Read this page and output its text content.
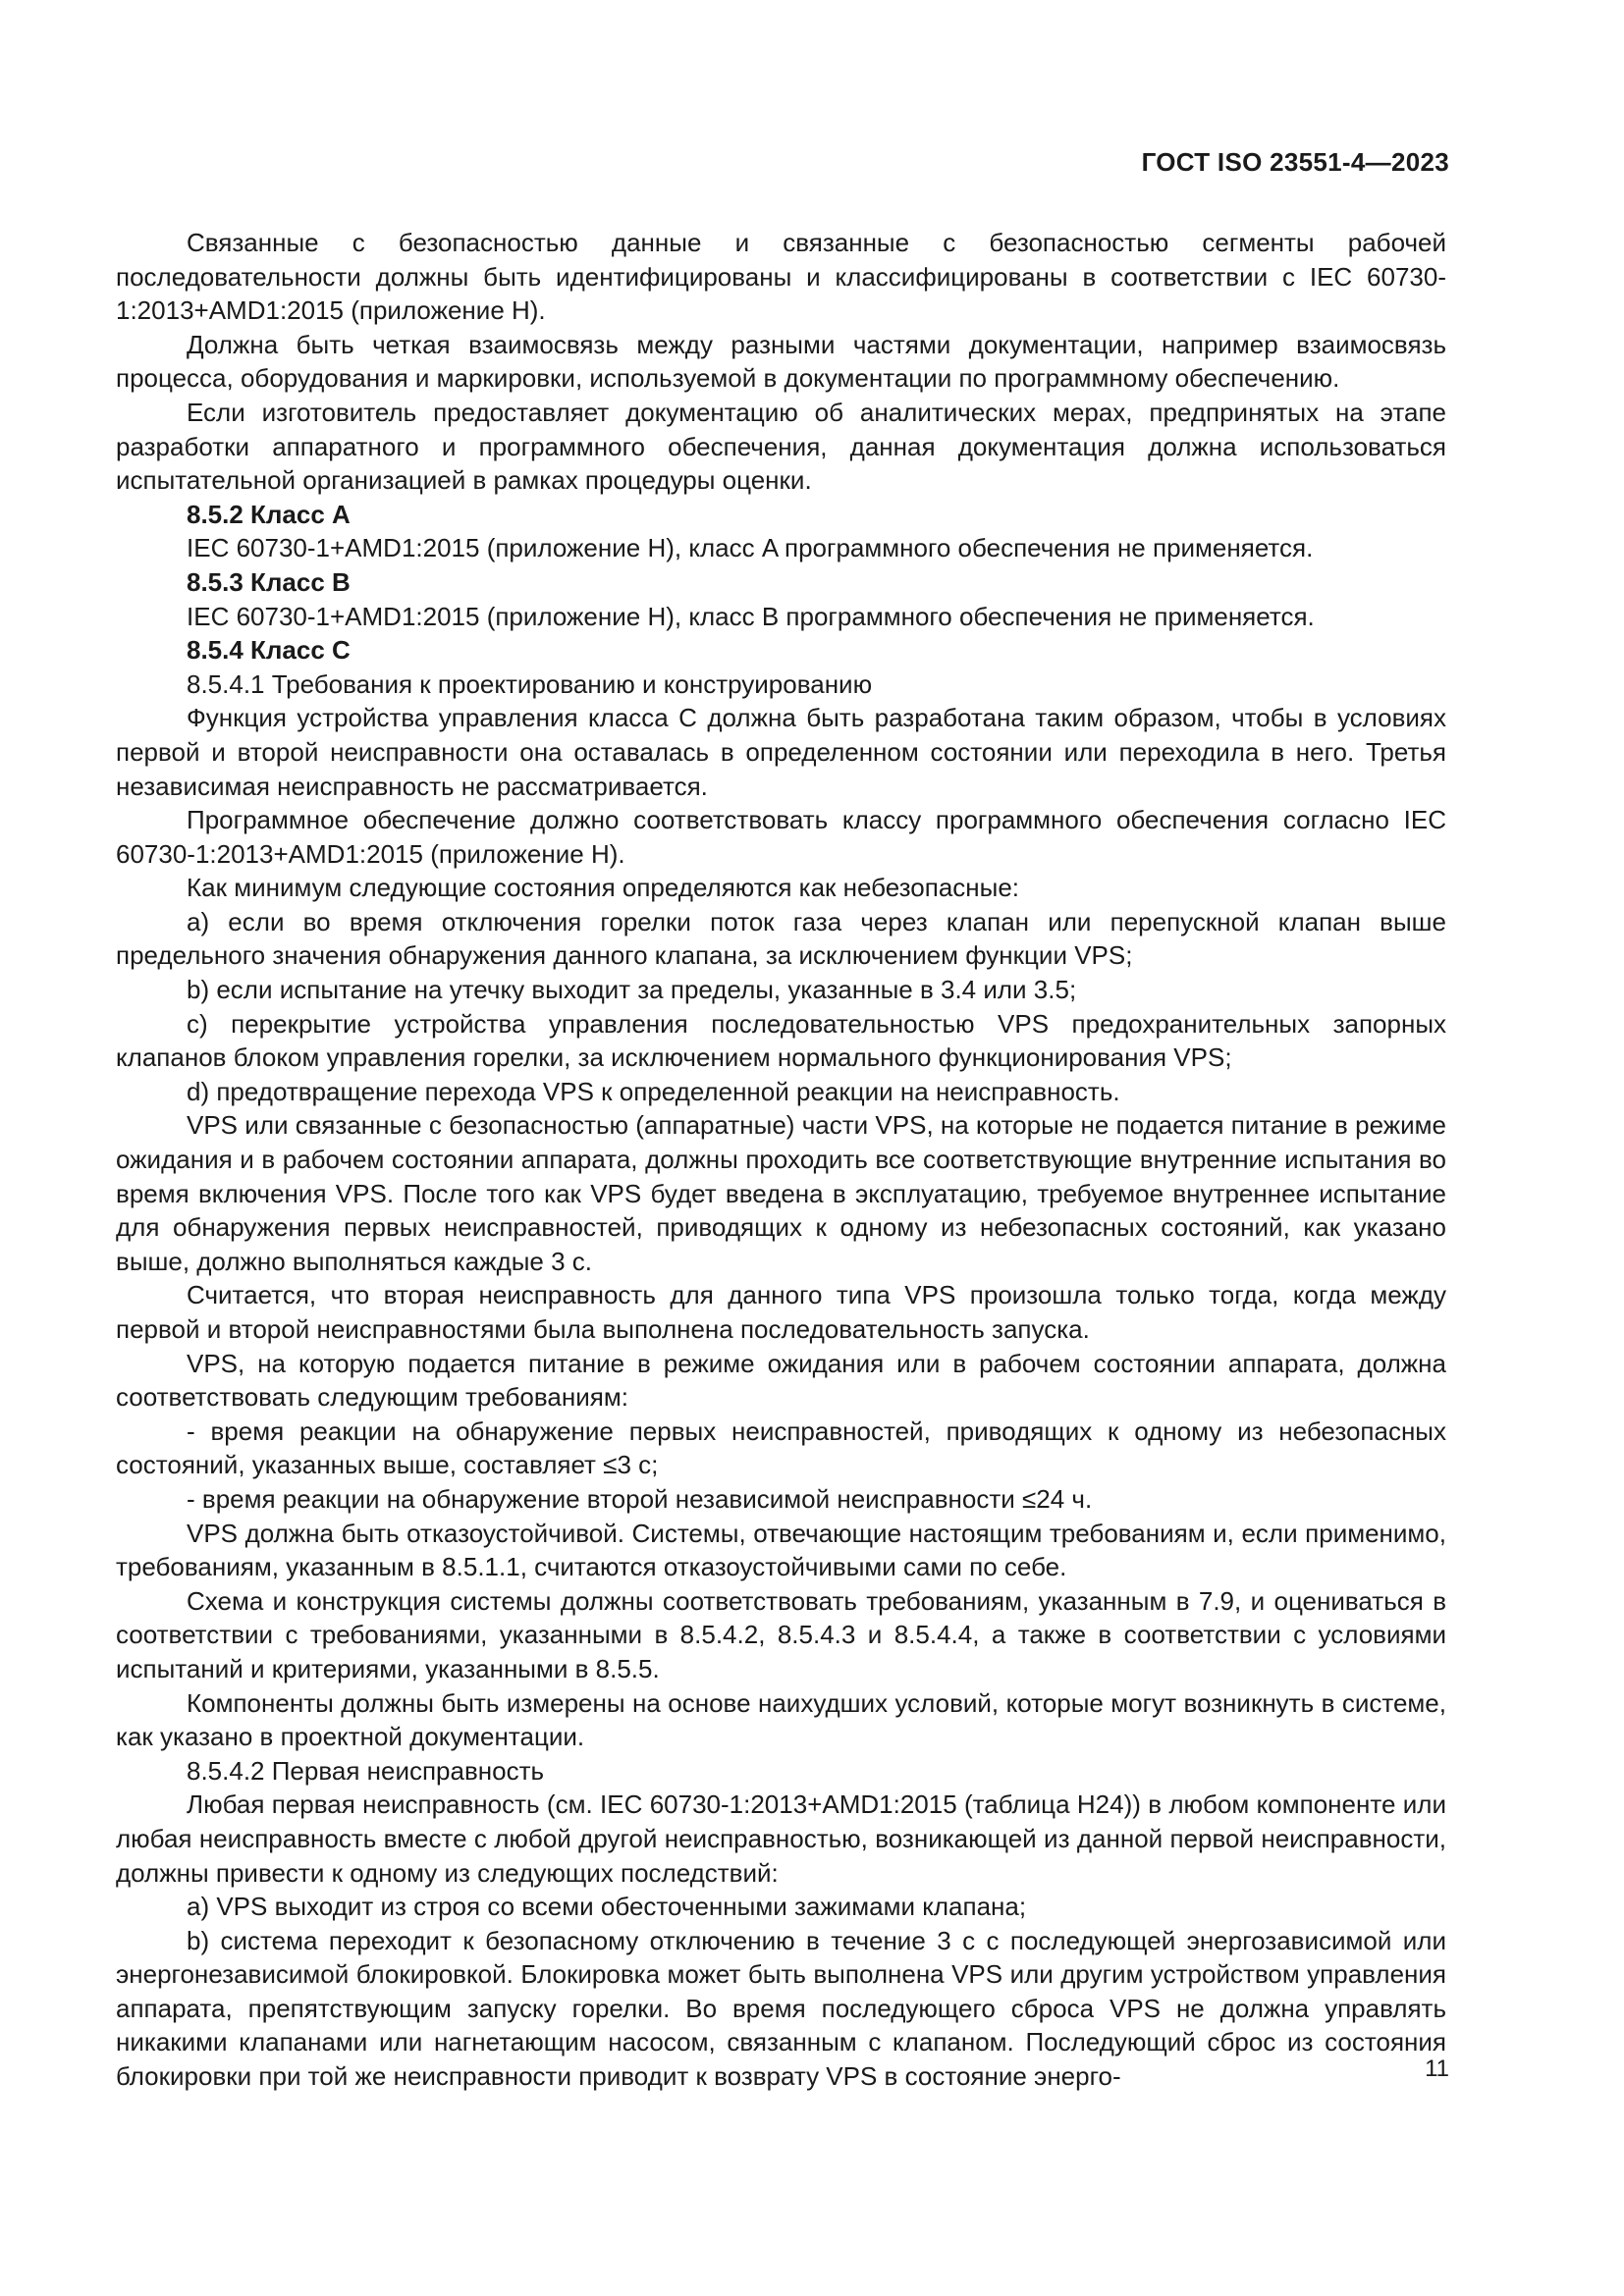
ГОСТ ISO 23551-4—2023

Связанные с безопасностью данные и связанные с безопасностью сегменты рабочей последовательности должны быть идентифицированы и классифицированы в соответствии с IEC 60730-1:2013+AMD1:2015 (приложение H).

Должна быть четкая взаимосвязь между разными частями документации, например взаимосвязь процесса, оборудования и маркировки, используемой в документации по программному обеспечению.

Если изготовитель предоставляет документацию об аналитических мерах, предпринятых на этапе разработки аппаратного и программного обеспечения, данная документация должна использоваться испытательной организацией в рамках процедуры оценки.

8.5.2 Класс A

IEC 60730-1+AMD1:2015 (приложение H), класс A программного обеспечения не применяется.

8.5.3 Класс B

IEC 60730-1+AMD1:2015 (приложение H), класс B программного обеспечения не применяется.

8.5.4 Класс C

8.5.4.1 Требования к проектированию и конструированию

Функция устройства управления класса C должна быть разработана таким образом, чтобы в условиях первой и второй неисправности она оставалась в определенном состоянии или переходила в него. Третья независимая неисправность не рассматривается.

Программное обеспечение должно соответствовать классу программного обеспечения согласно IEC 60730-1:2013+AMD1:2015 (приложение H).

Как минимум следующие состояния определяются как небезопасные:

a) если во время отключения горелки поток газа через клапан или перепускной клапан выше предельного значения обнаружения данного клапана, за исключением функции VPS;

b) если испытание на утечку выходит за пределы, указанные в 3.4 или 3.5;

c) перекрытие устройства управления последовательностью VPS предохранительных запорных клапанов блоком управления горелки, за исключением нормального функционирования VPS;

d) предотвращение перехода VPS к определенной реакции на неисправность.

VPS или связанные с безопасностью (аппаратные) части VPS, на которые не подается питание в режиме ожидания и в рабочем состоянии аппарата, должны проходить все соответствующие внутренние испытания во время включения VPS. После того как VPS будет введена в эксплуатацию, требуемое внутреннее испытание для обнаружения первых неисправностей, приводящих к одному из небезопасных состояний, как указано выше, должно выполняться каждые 3 с.

Считается, что вторая неисправность для данного типа VPS произошла только тогда, когда между первой и второй неисправностями была выполнена последовательность запуска.

VPS, на которую подается питание в режиме ожидания или в рабочем состоянии аппарата, должна соответствовать следующим требованиям:

- время реакции на обнаружение первых неисправностей, приводящих к одному из небезопасных состояний, указанных выше, составляет ≤3 с;

- время реакции на обнаружение второй независимой неисправности ≤24 ч.

VPS должна быть отказоустойчивой. Системы, отвечающие настоящим требованиям и, если применимо, требованиям, указанным в 8.5.1.1, считаются отказоустойчивыми сами по себе.

Схема и конструкция системы должны соответствовать требованиям, указанным в 7.9, и оцениваться в соответствии с требованиями, указанными в 8.5.4.2, 8.5.4.3 и 8.5.4.4, а также в соответствии с условиями испытаний и критериями, указанными в 8.5.5.

Компоненты должны быть измерены на основе наихудших условий, которые могут возникнуть в системе, как указано в проектной документации.

8.5.4.2 Первая неисправность

Любая первая неисправность (см. IEC 60730-1:2013+AMD1:2015 (таблица H24)) в любом компоненте или любая неисправность вместе с любой другой неисправностью, возникающей из данной первой неисправности, должны привести к одному из следующих последствий:

a) VPS выходит из строя со всеми обесточенными зажимами клапана;

b) система переходит к безопасному отключению в течение 3 с с последующей энергозависимой или энергонезависимой блокировкой. Блокировка может быть выполнена VPS или другим устройством управления аппарата, препятствующим запуску горелки. Во время последующего сброса VPS не должна управлять никакими клапанами или нагнетающим насосом, связанным с клапаном. Последующий сброс из состояния блокировки при той же неисправности приводит к возврату VPS в состояние энерго-	11
